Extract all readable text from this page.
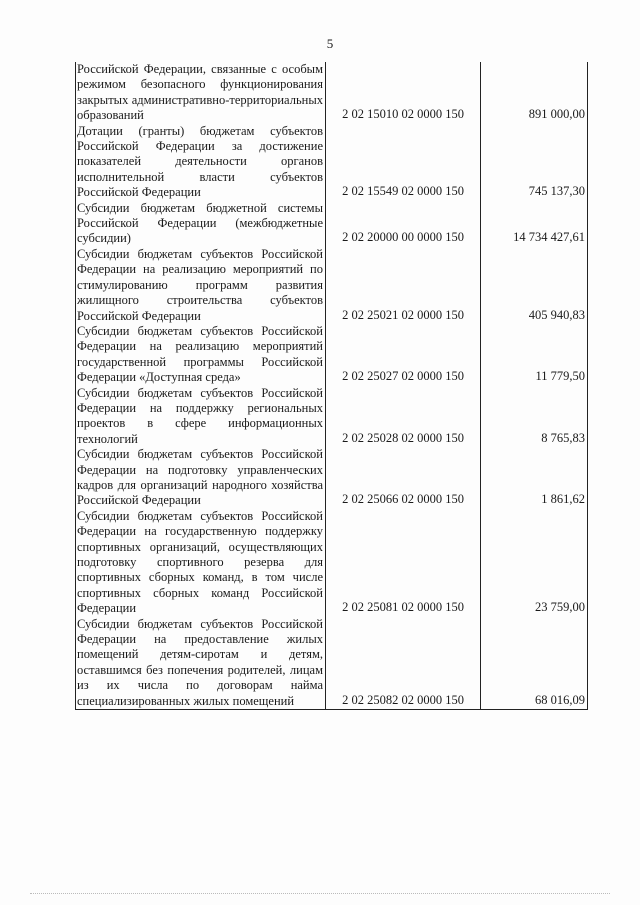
5
Российской Федерации, связанные с особым режимом безопасного функционирования закрытых административно-территориальных образований	2 02 15010 02 0000 150	891 000,00
Дотации (гранты) бюджетам субъектов Российской Федерации за достижение показателей деятельности органов исполнительной власти субъектов Российской Федерации	2 02 15549 02 0000 150	745 137,30
Субсидии бюджетам бюджетной системы Российской Федерации (межбюджетные субсидии)	2 02 20000 00 0000 150	14 734 427,61
Субсидии бюджетам субъектов Российской Федерации на реализацию мероприятий по стимулированию программ развития жилищного строительства субъектов Российской Федерации	2 02 25021 02 0000 150	405 940,83
Субсидии бюджетам субъектов Российской Федерации на реализацию мероприятий государственной программы Российской Федерации «Доступная среда»	2 02 25027 02 0000 150	11 779,50
Субсидии бюджетам субъектов Российской Федерации на поддержку региональных проектов в сфере информационных технологий	2 02 25028 02 0000 150	8 765,83
Субсидии бюджетам субъектов Российской Федерации на подготовку управленческих кадров для организаций народного хозяйства Российской Федерации	2 02 25066 02 0000 150	1 861,62
Субсидии бюджетам субъектов Российской Федерации на государственную поддержку спортивных организаций, осуществляющих подготовку спортивного резерва для спортивных сборных команд, в том числе спортивных сборных команд Российской Федерации	2 02 25081 02 0000 150	23 759,00
Субсидии бюджетам субъектов Российской Федерации на предоставление жилых помещений детям-сиротам и детям, оставшимся без попечения родителей, лицам из их числа по договорам найма специализированных жилых помещений	2 02 25082 02 0000 150	68 016,09
